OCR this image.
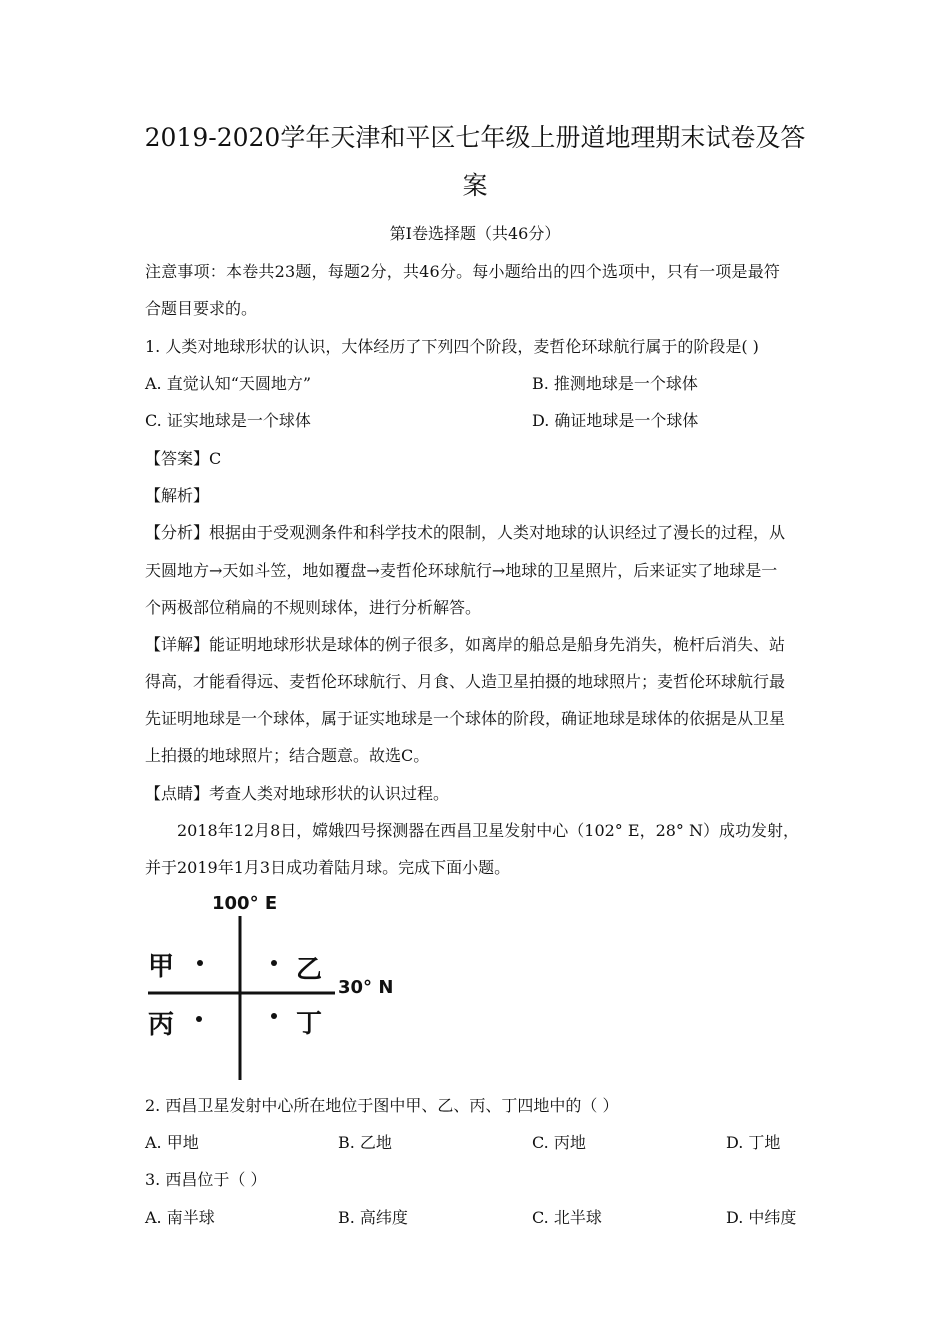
2019-2020学年天津和平区七年级上册道地理期末试卷及答
案
第Ⅰ卷选择题（共46分）
注意事项：本卷共23题，每题2分，共46分。每小题给出的四个选项中，只有一项是最符
合题目要求的。
1. 人类对地球形状的认识，大体经历了下列四个阶段，麦哲伦环球航行属于的阶段是( )
A. 直觉认知“天圆地方”	B. 推测地球是一个球体
C. 证实地球是一个球体	D. 确证地球是一个球体
【答案】C
【解析】
【分析】根据由于受观测条件和科学技术的限制，人类对地球的认识经过了漫长的过程，从
天圆地方→天如斗笠，地如覆盘→麦哲伦环球航行→地球的卫星照片，后来证实了地球是一
个两极部位稍扁的不规则球体，进行分析解答。
【详解】能证明地球形状是球体的例子很多，如离岸的船总是船身先消失，桅杆后消失、站
得高，才能看得远、麦哲伦环球航行、月食、人造卫星拍摄的地球照片；麦哲伦环球航行最
先证明地球是一个球体，属于证实地球是一个球体的阶段，确证地球是球体的依据是从卫星
上拍摄的地球照片；结合题意。故选C。
【点睛】考查人类对地球形状的认识过程。
2018年12月8日，嫦娥四号探测器在西昌卫星发射中心（102° E，28° N）成功发射，
并于2019年1月3日成功着陆月球。完成下面小题。
100° E
30° N
甲	乙
丙	丁
2. 西昌卫星发射中心所在地位于图中甲、乙、丙、丁四地中的（ ）
A. 甲地	B. 乙地	C. 丙地	D. 丁地
3. 西昌位于（ ）
A. 南半球	B. 高纬度	C. 北半球	D. 中纬度
